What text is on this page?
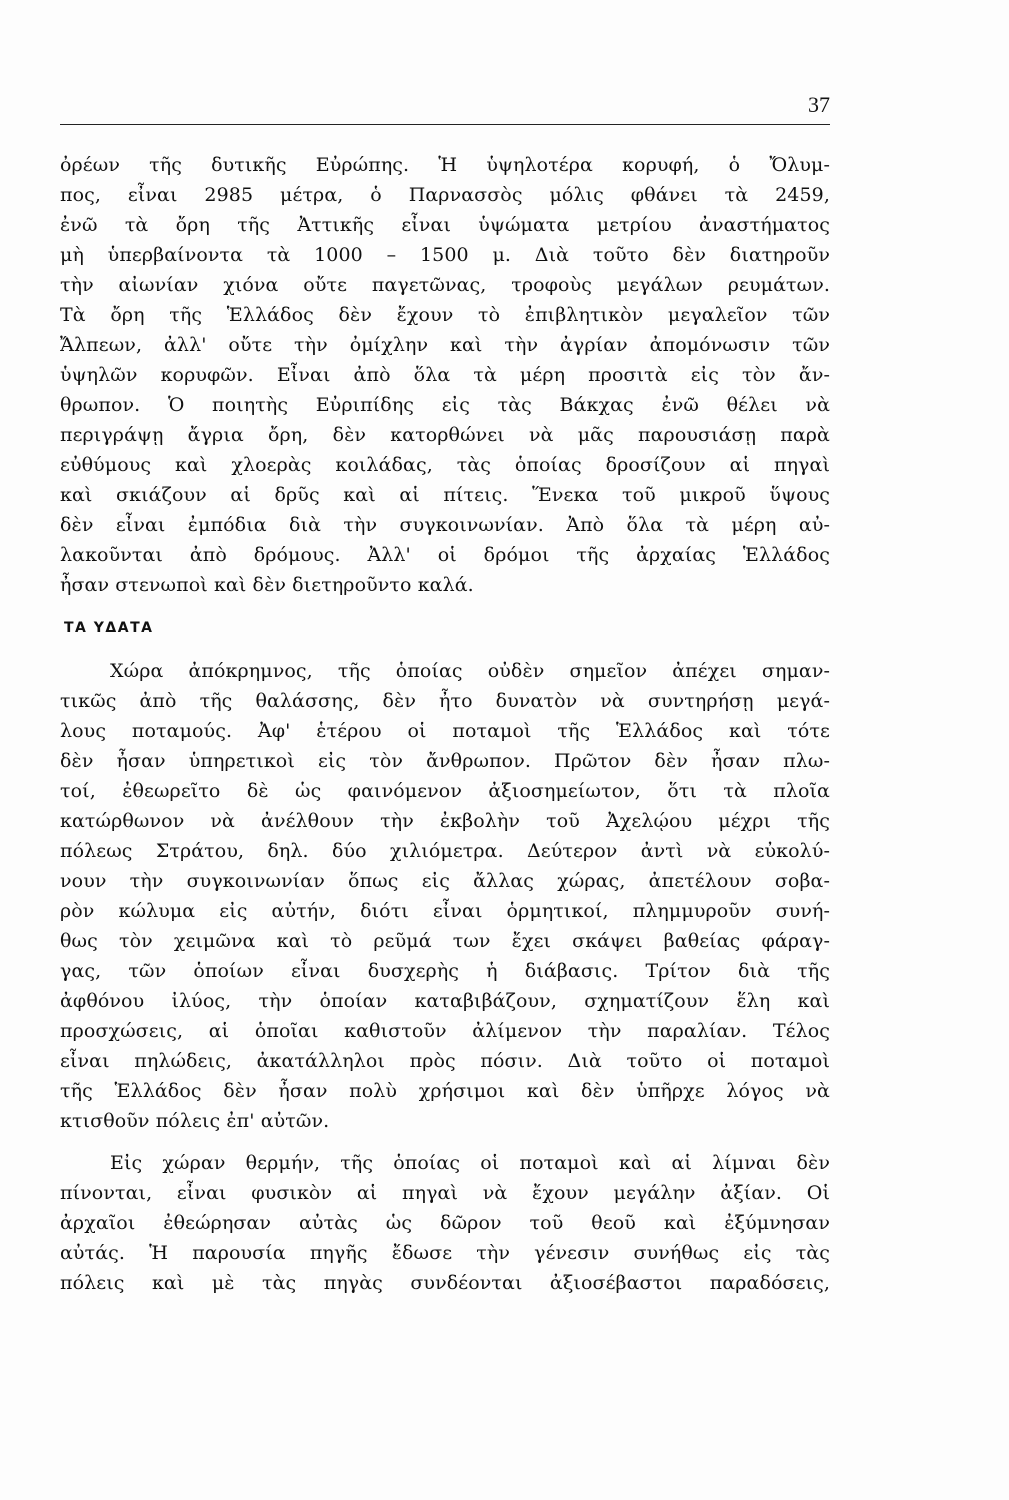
37
ὀρέων τῆς δυτικῆς Εὐρώπης. Ἡ ὑψηλοτέρα κορυφή, ὁ Ὄλυμ-
πος, εἶναι 2985 μέτρα, ὁ Παρνασσὸς μόλις φθάνει τὰ 2459,
ἐνῶ τὰ ὄρη τῆς Ἀττικῆς εἶναι ὑψώματα μετρίου ἀναστήματος
μὴ ὑπερβαίνοντα τὰ 1000 – 1500 μ. Διὰ τοῦτο δὲν διατηροῦν
τὴν αἰωνίαν χιόνα οὔτε παγετῶνας, τροφοὺς μεγάλων ρευμάτων.
Τὰ ὄρη τῆς Ἑλλάδος δὲν ἔχουν τὸ ἐπιβλητικὸν μεγαλεῖον τῶν
Ἄλπεων, ἀλλ' οὔτε τὴν ὀμίχλην καὶ τὴν ἀγρίαν ἀπομόνωσιν τῶν
ὑψηλῶν κορυφῶν. Εἶναι ἀπὸ ὅλα τὰ μέρη προσιτὰ εἰς τὸν ἄν-
θρωπον. Ὁ ποιητὴς Εὐριπίδης εἰς τὰς Βάκχας ἐνῶ θέλει νὰ
περιγράψῃ ἄγρια ὄρη, δὲν κατορθώνει νὰ μᾶς παρουσιάσῃ παρὰ
εὐθύμους καὶ χλοερὰς κοιλάδας, τὰς ὁποίας δροσίζουν αἱ πηγαὶ
καὶ σκιάζουν αἱ δρῦς καὶ αἱ πίτεις. Ἕνεκα τοῦ μικροῦ ὕψους
δὲν εἶναι ἐμπόδια διὰ τὴν συγκοινωνίαν. Ἀπὸ ὅλα τὰ μέρη αὐ-
λακοῦνται ἀπὸ δρόμους. Ἀλλ' οἱ δρόμοι τῆς ἀρχαίας Ἑλλάδος
ἦσαν στενωποὶ καὶ δὲν διετηροῦντο καλά.
ΤΑ ΥΔΑΤΑ
Χώρα ἀπόκρημνος, τῆς ὁποίας οὐδὲν σημεῖον ἀπέχει σημαν-
τικῶς ἀπὸ τῆς θαλάσσης, δὲν ἦτο δυνατὸν νὰ συντηρήσῃ μεγά-
λους ποταμούς. Ἀφ' ἑτέρου οἱ ποταμοὶ τῆς Ἑλλάδος καὶ τότε
δὲν ἦσαν ὑπηρετικοὶ εἰς τὸν ἄνθρωπον. Πρῶτον δὲν ἦσαν πλω-
τοί, ἐθεωρεῖτο δὲ ὡς φαινόμενον ἀξιοσημείωτον, ὅτι τὰ πλοῖα
κατώρθωνον νὰ ἀνέλθουν τὴν ἐκβολὴν τοῦ Ἀχελῴου μέχρι τῆς
πόλεως Στράτου, δηλ. δύο χιλιόμετρα. Δεύτερον ἀντὶ νὰ εὐκολύ-
νουν τὴν συγκοινωνίαν ὅπως εἰς ἄλλας χώρας, ἀπετέλουν σοβα-
ρὸν κώλυμα εἰς αὐτήν, διότι εἶναι ὁρμητικοί, πλημμυροῦν συνή-
θως τὸν χειμῶνα καὶ τὸ ρεῦμά των ἔχει σκάψει βαθείας φάραγ-
γας, τῶν ὁποίων εἶναι δυσχερὴς ἡ διάβασις. Τρίτον διὰ τῆς
ἀφθόνου ἰλύος, τὴν ὁποίαν καταβιβάζουν, σχηματίζουν ἕλη καὶ
προσχώσεις, αἱ ὁποῖαι καθιστοῦν ἀλίμενον τὴν παραλίαν. Τέλος
εἶναι πηλώδεις, ἀκατάλληλοι πρὸς πόσιν. Διὰ τοῦτο οἱ ποταμοὶ
τῆς Ἑλλάδος δὲν ἦσαν πολὺ χρήσιμοι καὶ δὲν ὑπῆρχε λόγος νὰ
κτισθοῦν πόλεις ἐπ' αὐτῶν.
Εἰς χώραν θερμήν, τῆς ὁποίας οἱ ποταμοὶ καὶ αἱ λίμναι δὲν
πίνονται, εἶναι φυσικὸν αἱ πηγαὶ νὰ ἔχουν μεγάλην ἀξίαν. Οἱ
ἀρχαῖοι ἐθεώρησαν αὐτὰς ὡς δῶρον τοῦ θεοῦ καὶ ἐξύμνησαν
αὐτάς. Ἡ παρουσία πηγῆς ἔδωσε τὴν γένεσιν συνήθως εἰς τὰς
πόλεις καὶ μὲ τὰς πηγὰς συνδέονται ἀξιοσέβαστοι παραδόσεις,
